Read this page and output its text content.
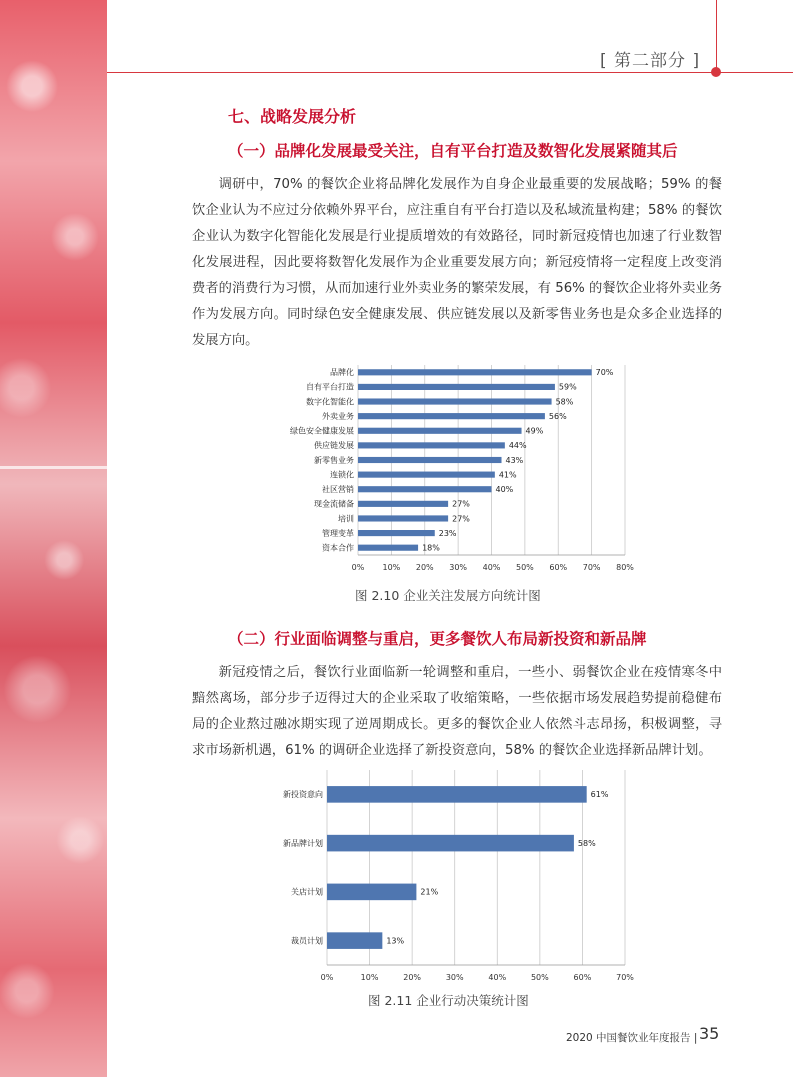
[ 第二部分 ]
七、战略发展分析
（一）品牌化发展最受关注，自有平台打造及数智化发展紧随其后

调研中，70% 的餐饮企业将品牌化发展作为自身企业最重要的发展战略；59% 的餐饮企业认为不应过分依赖外界平台，应注重自有平台打造以及私域流量构建；58% 的餐饮企业认为数字化智能化发展是行业提质增效的有效路径，同时新冠疫情也加速了行业数智化发展进程，因此要将数智化发展作为企业重要发展方向；新冠疫情将一定程度上改变消费者的消费行为习惯，从而加速行业外卖业务的繁荣发展，有 56% 的餐饮企业将外卖业务作为发展方向。同时绿色安全健康发展、供应链发展以及新零售业务也是众多企业选择的发展方向。

0% 10% 20% 30% 40% 50% 60% 70% 80%
品牌化	70%
自有平台打造	59%
数字化智能化	58%
外卖业务	56%
绿色安全健康发展	49%
供应链发展	44%
新零售业务	43%
连锁化	41%
社区营销	40%
现金流储备	27%
培训	27%
管理变革	23%
资本合作	18%
图 2.10 企业关注发展方向统计图
（二）行业面临调整与重启，更多餐饮人布局新投资和新品牌

新冠疫情之后，餐饮行业面临新一轮调整和重启，一些小、弱餐饮企业在疫情寒冬中黯然离场，部分步子迈得过大的企业采取了收缩策略，一些依据市场发展趋势提前稳健布局的企业熬过融冰期实现了逆周期成长。更多的餐饮企业人依然斗志昂扬，积极调整，寻求市场新机遇，61% 的调研企业选择了新投资意向，58% 的餐饮企业选择新品牌计划。

0%	10%	20%	30%	40%	50%	60%	70%
新投资意向	61%
新品牌计划	58%
关店计划	21%
裁员计划	13%
图 2.11 企业行动决策统计图
2020 中国餐饮业年度报告 | 35
